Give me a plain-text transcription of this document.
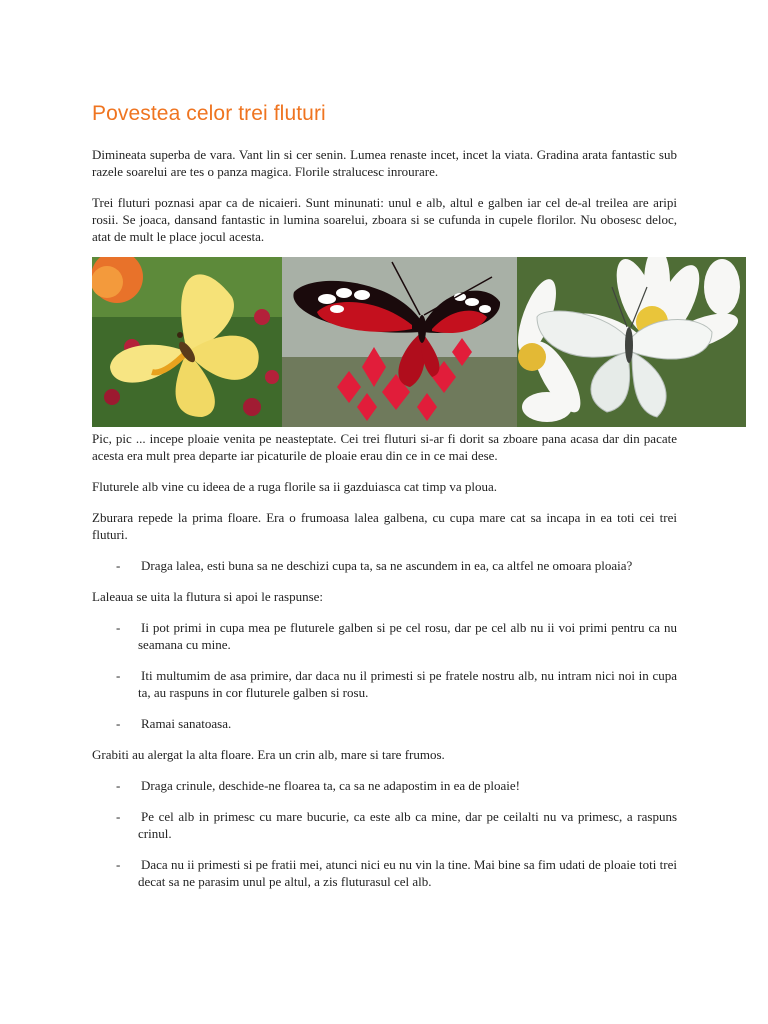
Povestea celor trei fluturi

Dimineata superba de vara. Vant lin si cer senin. Lumea renaste incet, incet la viata. Gradina arata fantastic sub razele soarelui are tes o panza magica. Florile stralucesc inrourare.

Trei fluturi poznasi apar ca de nicaieri. Sunt minunati: unul e alb, altul e galben iar cel de-al treilea are aripi rosii. Se joaca, dansand fantastic in lumina soarelui, zboara si se cufunda in cupele florilor. Nu obosesc deloc, atat de mult le place jocul acesta.

Pic, pic ... incepe ploaie venita pe neasteptate. Cei trei fluturi si-ar fi dorit sa zboare pana acasa dar din pacate acesta era mult prea departe iar picaturile de ploaie erau din ce in ce mai dese.

Fluturele alb vine cu ideea de a ruga florile sa ii gazduiasca cat timp va ploua.

Zburara repede la prima floare. Era o frumoasa lalea galbena, cu cupa mare cat sa incapa in ea toti cei trei fluturi.

- Draga lalea, esti buna sa ne deschizi cupa ta, sa ne ascundem in ea, ca altfel ne omoara ploaia?

Laleaua se uita la flutura si apoi le raspunse:

- Ii pot primi in cupa mea pe fluturele galben si pe cel rosu, dar pe cel alb nu ii voi primi pentru ca nu seamana cu mine.
- Iti multumim de asa primire, dar daca nu il primesti si pe fratele nostru alb, nu intram nici noi in cupa ta, au raspuns in cor fluturele galben si rosu.
- Ramai sanatoasa.

Grabiti au alergat la alta floare. Era un crin alb, mare si tare frumos.

- Draga crinule, deschide-ne floarea ta, ca sa ne adapostim in ea de ploaie!
- Pe cel alb in primesc cu mare bucurie, ca este alb ca mine, dar pe ceilalti nu va primesc, a raspuns crinul.
- Daca nu ii primesti si pe fratii mei, atunci nici eu nu vin la tine. Mai bine sa fim udati de ploaie toti trei decat sa ne parasim unul pe altul, a zis fluturasul cel alb.
